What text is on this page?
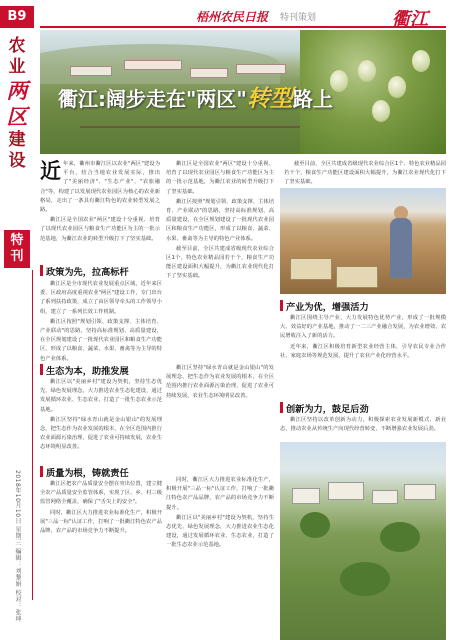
B9
农
业
两
区
建
设
特
刊
2018年10月10日 星期三 编辑：刘黎娟 校对：张坤
梧州农民日报 特刊策划	衢江
衢江:阔步走在"两区"转型路上
近 年来，衢州市衢江区以农业"两区"建设为平台，结合当地农业发展实际，推出了"美丽经济"、"生态产业"、"农旅融合"等，构建了以发展现代农业园区为核心的农业新格局，走出了一条具有衢江特色的农业转型发展之路。

衢江区是全国农业"两区"建设十分重视、培育了以现代农业园区与粮食生产功能区为主的一批示范基地，为衢江农业的转型升级打下了坚实基础。

政策为先，拉高标杆

衢江区是全市现代农业发展重点区域，近年来区委、区政府高度重视农业"两区"建设工作，专门出台了系列扶持政策，成立了由区领导牵头的工作领导小组，建立了一系列长效工作机制。

衢江区按照"规划引领、政策支撑、主体培育、产业联动"的思路，坚持高标准规划、高质量建设，在全区规划建设了一批现代农业园区和粮食生产功能区，形成了以粮食、蔬菜、水果、畜禽等为主导的特色产业体系。

衢江区是全国农业"两区"建设十分重视、培育了以现代农业园区与粮食生产功能区为主的一批示范基地，为衢江农业的转型升级打下了坚实基础。

衢江区按照"规划引领、政策支撑、主体培育、产业联动"的思路，坚持高标准规划、高质量建设，在全区规划建设了一批现代农业园区和粮食生产功能区，形成了以粮食、蔬菜、水果、畜禽等为主导的特色产业体系。

截至目前，全区共建成省级现代农业综合区1个、特色农业精品园若干个，粮食生产功能区建设面积大幅提升，为衢江农业现代化打下了坚实基础。

截至目前，全区共建成省级现代农业综合区1个、特色农业精品园若干个，粮食生产功能区建设面积大幅提升，为衢江农业现代化打下了坚实基础。

生态为本，助推发展

衢江区以"美丽乡村"建设为契机，坚持生态优先、绿色发展理念，大力推进农业生态化建设，通过发展循环农业、生态农业，打造了一批生态农业示范基地。

衢江区坚持"绿水青山就是金山银山"的发展理念，把生态作为农业发展的根本，在全区范围内推行农业面源污染治理，促进了农业可持续发展，农业生态环境明显改善。

衢江区坚持"绿水青山就是金山银山"的发展理念，把生态作为农业发展的根本，在全区范围内推行农业面源污染治理，促进了农业可持续发展，农业生态环境明显改善。

质量为根，铸就责任

衢江区把农产品质量安全摆在突出位置，建立健全农产品质量安全监管体系，实现了区、乡、村三级监管网络全覆盖，确保了"舌尖上的安全"。

同时，衢江区大力推进农业标准化生产，积极开展"三品一标"认证工作，打响了一批衢江特色农产品品牌，农产品的市场竞争力不断提升。

同时，衢江区大力推进农业标准化生产，积极开展"三品一标"认证工作，打响了一批衢江特色农产品品牌，农产品的市场竞争力不断提升。

衢江区以"美丽乡村"建设为契机，坚持生态优先、绿色发展理念，大力推进农业生态化建设，通过发展循环农业、生态农业，打造了一批生态农业示范基地。

产业为优，增强活力

衢江区围绕主导产业，大力发展特色优势产业，形成了一批规模大、效益好的产业基地，推动了一二三产业融合发展，为农业增效、农民增收注入了新的活力。

近年来，衢江区积极培育新型农业经营主体，引导农民专业合作社、家庭农场等规范发展，提升了农业产业化经营水平。

创新为力，鼓足后劲

衢江区坚持以改革创新为动力，积极探索农业发展新模式、新业态，推动农业从传统生产向现代经营转变，不断增强农业发展后劲。
